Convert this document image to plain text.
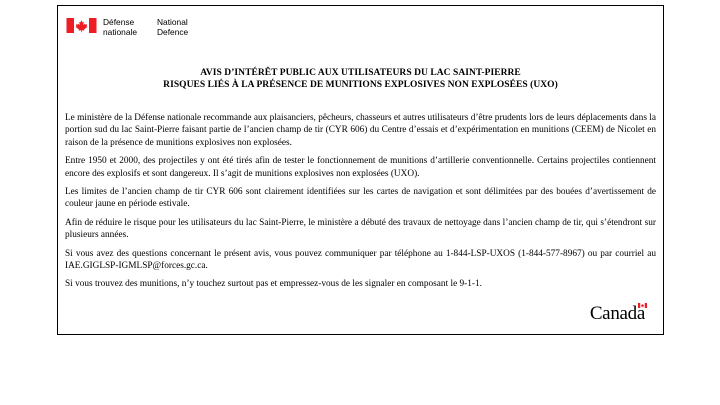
Défense	National
nationale	Defence
AVIS D’INTÉRÊT PUBLIC AUX UTILISATEURS DU LAC SAINT-PIERRE
RISQUES LIÉS À LA PRÉSENCE DE MUNITIONS EXPLOSIVES NON EXPLOSÉES (UXO)

Le ministère de la Défense nationale recommande aux plaisanciers, pêcheurs, chasseurs et autres utilisateurs d’être prudents lors de leurs déplacements dans la portion sud du lac Saint-Pierre faisant partie de l’ancien champ de tir (CYR 606) du Centre d’essais et d’expérimentation en munitions (CEEM) de Nicolet en raison de la présence de munitions explosives non explosées.

Entre 1950 et 2000, des projectiles y ont été tirés afin de tester le fonctionnement de munitions d’artillerie conventionnelle. Certains projectiles contiennent encore des explosifs et sont dangereux. Il s’agit de munitions explosives non explosées (UXO).

Les limites de l’ancien champ de tir CYR 606 sont clairement identifiées sur les cartes de navigation et sont délimitées par des bouées d’avertissement de couleur jaune en période estivale.

Afin de réduire le risque pour les utilisateurs du lac Saint-Pierre, le ministère a débuté des travaux de nettoyage dans l’ancien champ de tir, qui s’étendront sur plusieurs années.

Si vous avez des questions concernant le présent avis, vous pouvez communiquer par téléphone au 1-844-LSP-UXOS (1-844-577-8967) ou par courriel au IAE.GIGLSP-IGMLSP@forces.gc.ca.

Si vous trouvez des munitions, n’y touchez surtout pas et empressez-vous de les signaler en composant le 9-1-1.

Canada
